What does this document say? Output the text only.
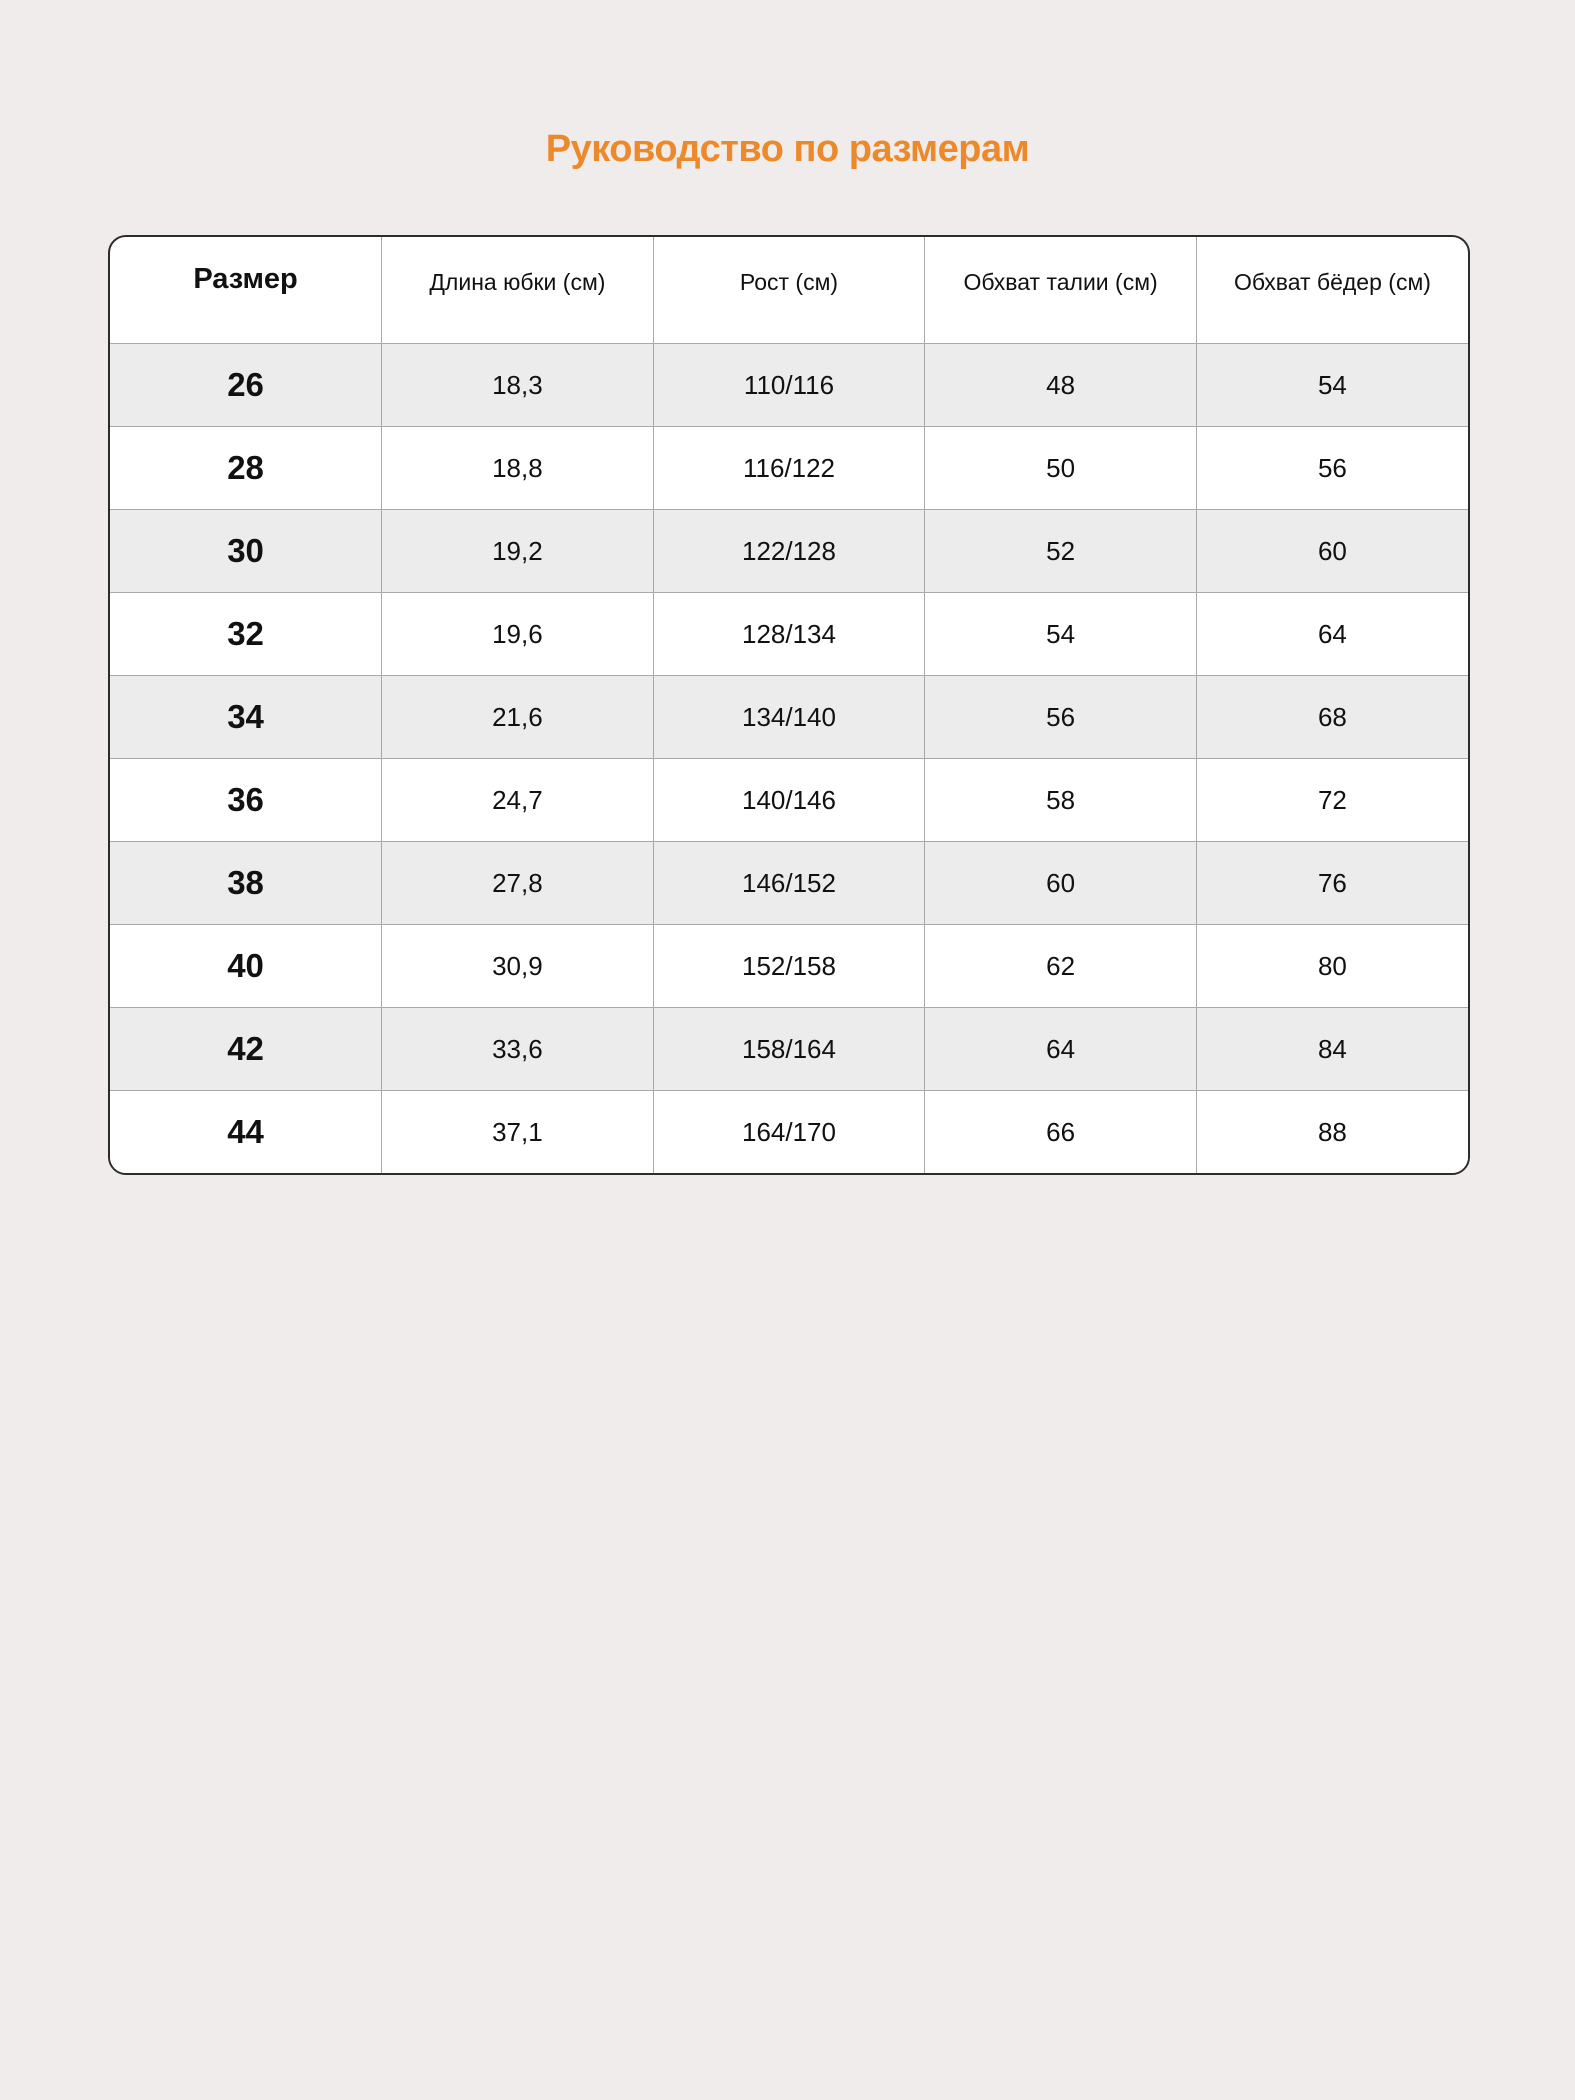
Руководство по размерам
Размер	Длина юбки (см)	Рост (см)	Обхват талии (см)	Обхват бёдер (см)

26	18,3	110/116	48	54
28	18,8	116/122	50	56
30	19,2	122/128	52	60
32	19,6	128/134	54	64
34	21,6	134/140	56	68
36	24,7	140/146	58	72
38	27,8	146/152	60	76
40	30,9	152/158	62	80
42	33,6	158/164	64	84
44	37,1	164/170	66	88
